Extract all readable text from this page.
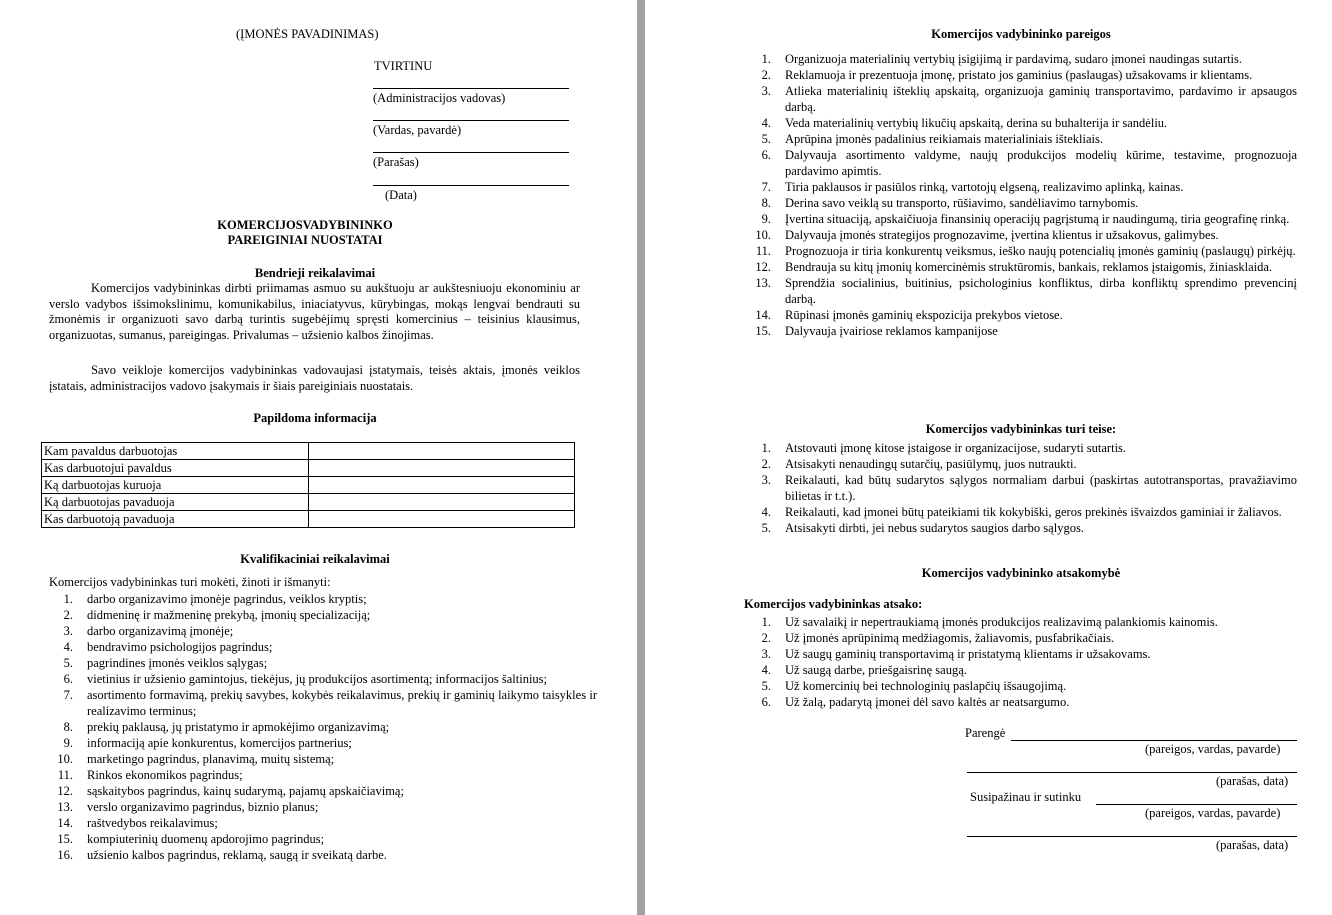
(ĮMONĖS PAVADINIMAS)
TVIRTINU
(Administracijos vadovas)
(Vardas, pavardė)
(Parašas)
(Data)
KOMERCIJOSVADYBININKO
PAREIGINIAI NUOSTATAI
Bendrieji reikalavimai
Komercijos vadybininkas dirbti priimamas asmuo su aukštuoju ar aukštesniuoju ekonominiu ar verslo vadybos išsimokslinimu, komunikabilus, iniaciatyvus, kūrybingas, mokąs lengvai bendrauti su žmonėmis ir organizuoti savo darbą turintis sugebėjimų spręsti komercinius – teisinius klausimus, organizuotas, sumanus, pareigingas. Privalumas – užsienio kalbos žinojimas.
Savo veikloje komercijos vadybininkas vadovaujasi įstatymais, teisės aktais, įmonės veiklos įstatais, administracijos vadovo įsakymais ir šiais pareiginiais nuostatais.
Papildoma informacija
Kam pavaldus darbuotojas	
Kas darbuotojui pavaldus	
Ką darbuotojas kuruoja	
Ką darbuotojas pavaduoja	
Kas darbuotoją pavaduoja	
Kvalifikaciniai reikalavimai
Komercijos vadybininkas turi mokėti, žinoti ir išmanyti:
1.	darbo organizavimo įmonėje pagrindus, veiklos kryptis;
2.	didmeninę ir mažmeninę prekybą, įmonių specializaciją;
3.	darbo organizavimą įmonėje;
4.	bendravimo psichologijos pagrindus;
5.	pagrindines įmonės veiklos sąlygas;
6.	vietinius ir užsienio gamintojus, tiekėjus, jų produkcijos asortimentą; informacijos šaltinius;
7.	asortimento formavimą, prekių savybes, kokybės reikalavimus, prekių ir gaminių laikymo taisykles ir realizavimo terminus;
8.	prekių paklausą, jų pristatymo ir apmokėjimo organizavimą;
9.	informaciją apie konkurentus, komercijos partnerius;
10.	marketingo pagrindus, planavimą, muitų sistemą;
11.	Rinkos ekonomikos pagrindus;
12.	sąskaitybos pagrindus, kainų sudarymą, pajamų apskaičiavimą;
13.	verslo organizavimo pagrindus, biznio planus;
14.	raštvedybos reikalavimus;
15.	kompiuterinių duomenų apdorojimo pagrindus;
16.	užsienio kalbos pagrindus, reklamą, saugą ir sveikatą darbe.
Komercijos vadybininko pareigos
1.	Organizuoja materialinių vertybių įsigijimą ir pardavimą, sudaro įmonei naudingas sutartis.
2.	Reklamuoja ir prezentuoja įmonę, pristato jos gaminius (paslaugas) užsakovams ir klientams.
3.	Atlieka materialinių išteklių apskaitą, organizuoja gaminių transportavimo, pardavimo ir apsaugos darbą.
4.	Veda materialinių vertybių likučių apskaitą, derina su buhalterija ir sandėliu.
5.	Aprūpina įmonės padalinius reikiamais materialiniais ištekliais.
6.	Dalyvauja asortimento valdyme, naujų produkcijos modelių kūrime, testavime, prognozuoja pardavimo apimtis.
7.	Tiria paklausos ir pasiūlos rinką, vartotojų elgseną, realizavimo aplinką, kainas.
8.	Derina savo veiklą su transporto, rūšiavimo, sandėliavimo tarnybomis.
9.	Įvertina situaciją, apskaičiuoja finansinių operacijų pagrįstumą ir naudingumą, tiria geografinę rinką.
10.	Dalyvauja įmonės strategijos prognozavime, įvertina klientus ir užsakovus, galimybes.
11.	Prognozuoja ir tiria konkurentų veiksmus, ieško naujų potencialių įmonės gaminių (paslaugų) pirkėjų.
12.	Bendrauja su kitų įmonių komercinėmis struktūromis, bankais, reklamos įstaigomis, žiniasklaida.
13.	Sprendžia socialinius, buitinius, psichologinius konfliktus, dirba konfliktų sprendimo prevencinį darbą.
14.	Rūpinasi įmonės gaminių ekspozicija prekybos vietose.
15.	Dalyvauja įvairiose reklamos kampanijose
Komercijos vadybininkas turi teise:
1.	Atstovauti įmonę kitose įstaigose ir organizacijose, sudaryti sutartis.
2.	Atsisakyti nenaudingų sutarčių, pasiūlymų, juos nutraukti.
3.	Reikalauti, kad būtų sudarytos sąlygos normaliam darbui (paskirtas autotransportas, pravažiavimo bilietas ir t.t.).
4.	Reikalauti, kad įmonei būtų pateikiami tik kokybiški, geros prekinės išvaizdos gaminiai ir žaliavos.
5.	Atsisakyti dirbti, jei nebus sudarytos saugios darbo sąlygos.
Komercijos vadybininko atsakomybė
Komercijos vadybininkas atsako:
1.	Už savalaikį ir nepertraukiamą įmonės produkcijos realizavimą palankiomis kainomis.
2.	Už įmonės aprūpinimą medžiagomis, žaliavomis, pusfabrikačiais.
3.	Už saugų gaminių transportavimą ir pristatymą klientams ir užsakovams.
4.	Už saugą darbe, priešgaisrinę saugą.
5.	Už komercinių bei technologinių paslapčių išsaugojimą.
6.	Už žalą, padarytą įmonei dėl savo kaltės ar neatsargumo.
Parengė
(pareigos, vardas, pavarde)
(parašas, data)
Susipažinau ir sutinku
(pareigos, vardas, pavarde)
(parašas, data)
